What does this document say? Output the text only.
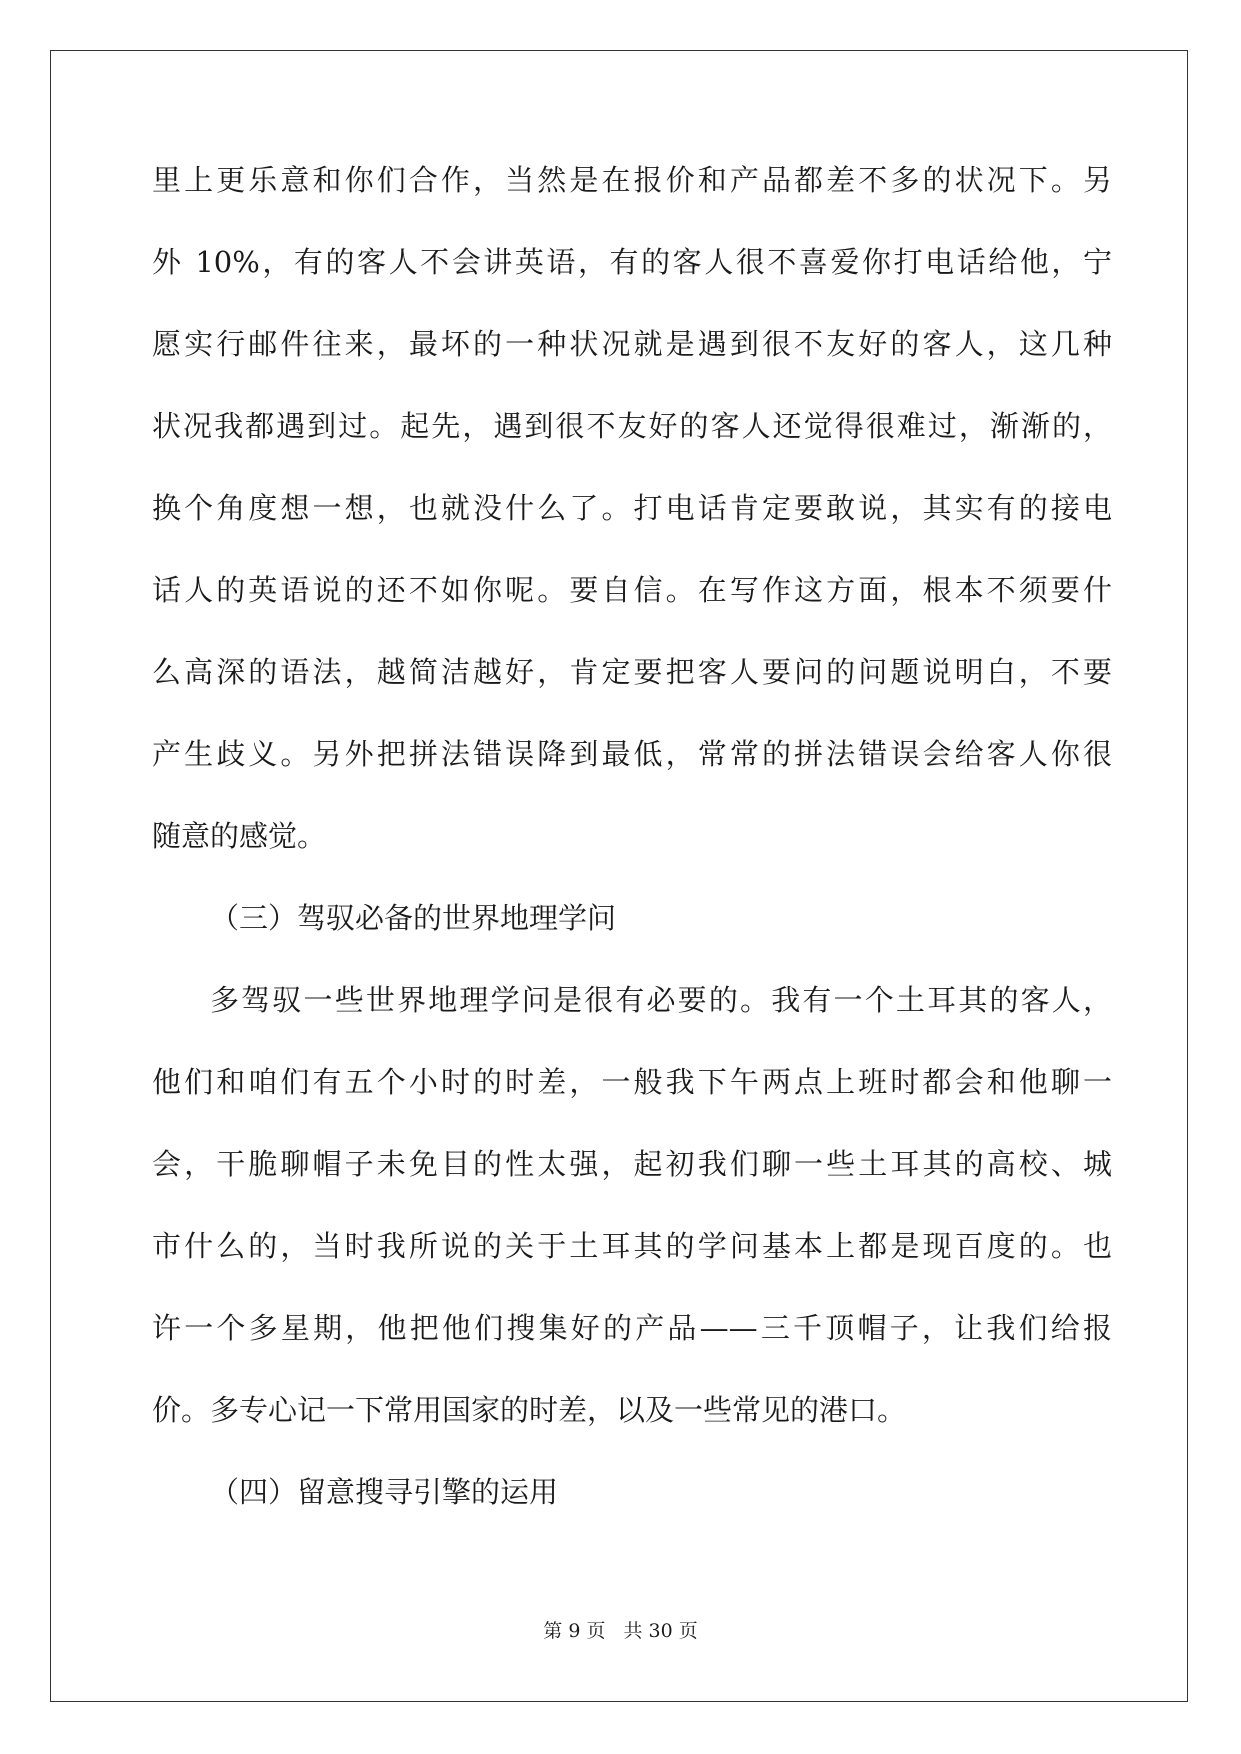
里上更乐意和你们合作，当然是在报价和产品都差不多的状况下。另
外 10%，有的客人不会讲英语，有的客人很不喜爱你打电话给他，宁
愿实行邮件往来，最坏的一种状况就是遇到很不友好的客人，这几种
状况我都遇到过。起先，遇到很不友好的客人还觉得很难过，渐渐的，
换个角度想一想，也就没什么了。打电话肯定要敢说，其实有的接电
话人的英语说的还不如你呢。要自信。在写作这方面，根本不须要什
么高深的语法，越简洁越好，肯定要把客人要问的问题说明白，不要
产生歧义。另外把拼法错误降到最低，常常的拼法错误会给客人你很
随意的感觉。
（三）驾驭必备的世界地理学问
多驾驭一些世界地理学问是很有必要的。我有一个土耳其的客人，
他们和咱们有五个小时的时差，一般我下午两点上班时都会和他聊一
会，干脆聊帽子未免目的性太强，起初我们聊一些土耳其的高校、城
市什么的，当时我所说的关于土耳其的学问基本上都是现百度的。也
许一个多星期，他把他们搜集好的产品——三千顶帽子，让我们给报
价。多专心记一下常用国家的时差，以及一些常见的港口。
（四）留意搜寻引擎的运用
第 9 页 共 30 页
